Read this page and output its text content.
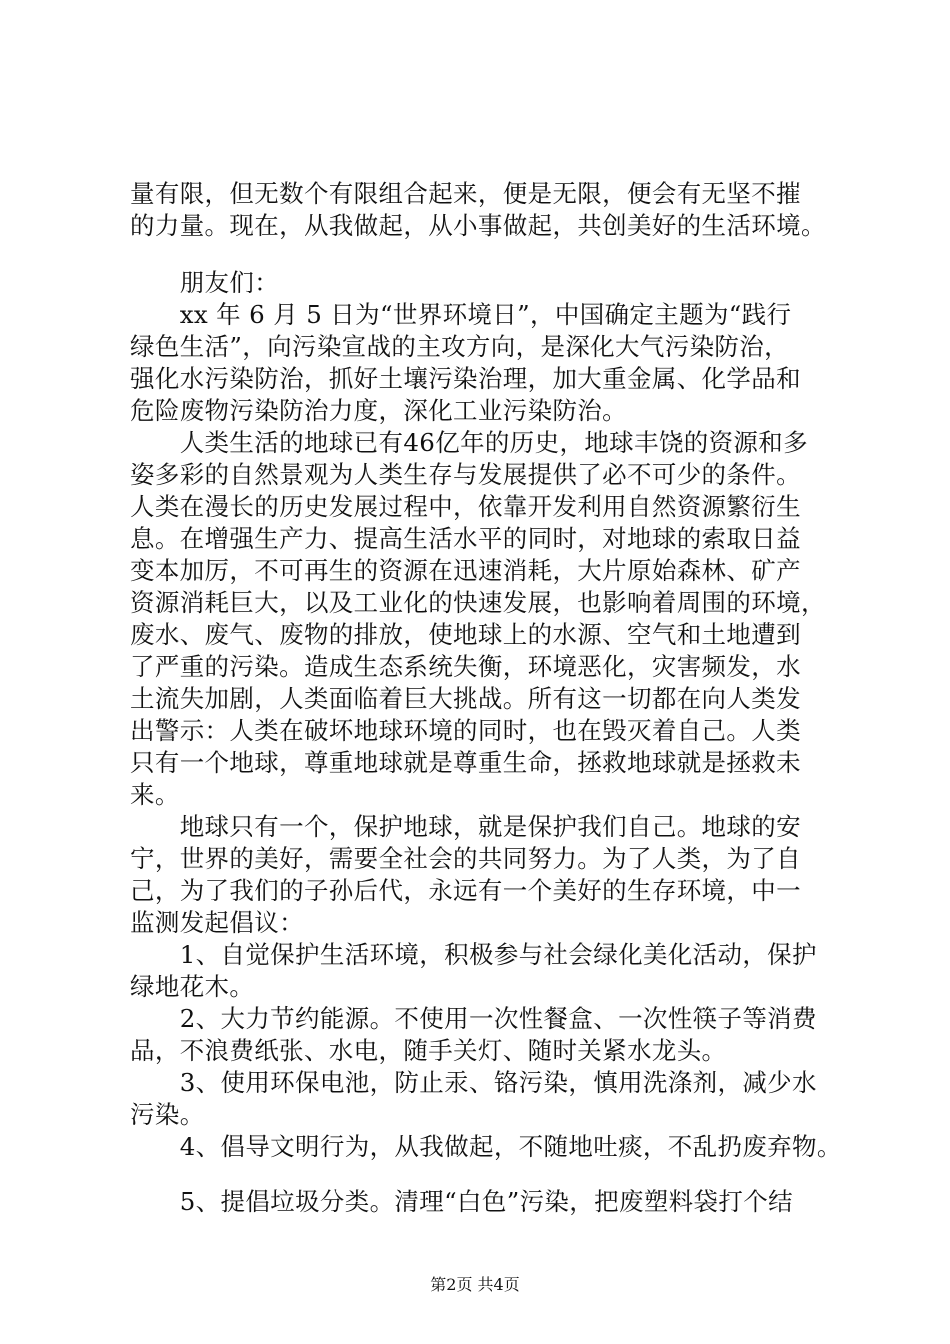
量有限，但无数个有限组合起来，便是无限，便会有无坚不摧
的力量。现在，从我做起，从小事做起，共创美好的生活环境。
　　朋友们：
　　xx 年 6 月 5 日为“世界环境日”，中国确定主题为“践行
绿色生活”，向污染宣战的主攻方向，是深化大气污染防治，
强化水污染防治，抓好土壤污染治理，加大重金属、化学品和
危险废物污染防治力度，深化工业污染防治。
　　人类生活的地球已有46亿年的历史，地球丰饶的资源和多
姿多彩的自然景观为人类生存与发展提供了必不可少的条件。
人类在漫长的历史发展过程中，依靠开发利用自然资源繁衍生
息。在增强生产力、提高生活水平的同时，对地球的索取日益
变本加厉，不可再生的资源在迅速消耗，大片原始森林、矿产
资源消耗巨大，以及工业化的快速发展，也影响着周围的环境，
废水、废气、废物的排放，使地球上的水源、空气和土地遭到
了严重的污染。造成生态系统失衡，环境恶化，灾害频发，水
土流失加剧，人类面临着巨大挑战。所有这一切都在向人类发
出警示：人类在破坏地球环境的同时，也在毁灭着自己。人类
只有一个地球，尊重地球就是尊重生命，拯救地球就是拯救未
来。
　　地球只有一个，保护地球，就是保护我们自己。地球的安
宁，世界的美好，需要全社会的共同努力。为了人类，为了自
己，为了我们的子孙后代，永远有一个美好的生存环境，中一
监测发起倡议：
　　1、自觉保护生活环境，积极参与社会绿化美化活动，保护
绿地花木。
　　2、大力节约能源。不使用一次性餐盒、一次性筷子等消费
品，不浪费纸张、水电，随手关灯、随时关紧水龙头。
　　3、使用环保电池，防止汞、铬污染，慎用洗涤剂，减少水
污染。
　　4、倡导文明行为，从我做起，不随地吐痰，不乱扔废弃物。
　　5、提倡垃圾分类。清理“白色”污染，把废塑料袋打个结
第2页 共4页
